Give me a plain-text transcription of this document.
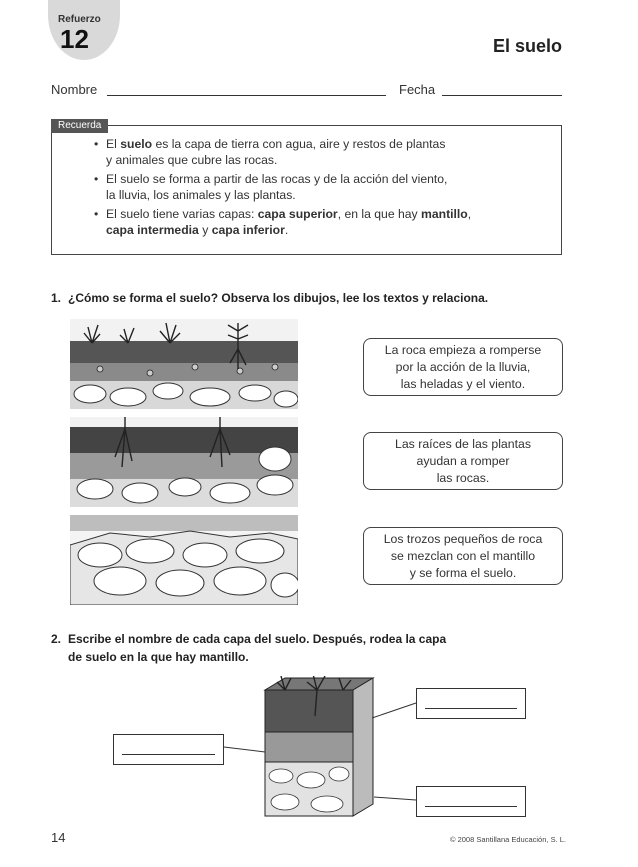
Refuerzo
12	El suelo
Nombre	Fecha
Recuerda
• El suelo es la capa de tierra con agua, aire y restos de plantas
y animales que cubre las rocas.
• El suelo se forma a partir de las rocas y de la acción del viento,
la lluvia, los animales y las plantas.
• El suelo tiene varias capas: capa superior, en la que hay mantillo,
capa intermedia y capa inferior.
1. ¿Cómo se forma el suelo? Observa los dibujos, lee los textos y relaciona.
La roca empieza a romperse
por la acción de la lluvia,
las heladas y el viento.
Las raíces de las plantas
ayudan a romper
las rocas.
Los trozos pequeños de roca
se mezclan con el mantillo
y se forma el suelo.
2. Escribe el nombre de cada capa del suelo. Después, rodea la capa
de suelo en la que hay mantillo.
14	© 2008 Santillana Educación, S. L.
